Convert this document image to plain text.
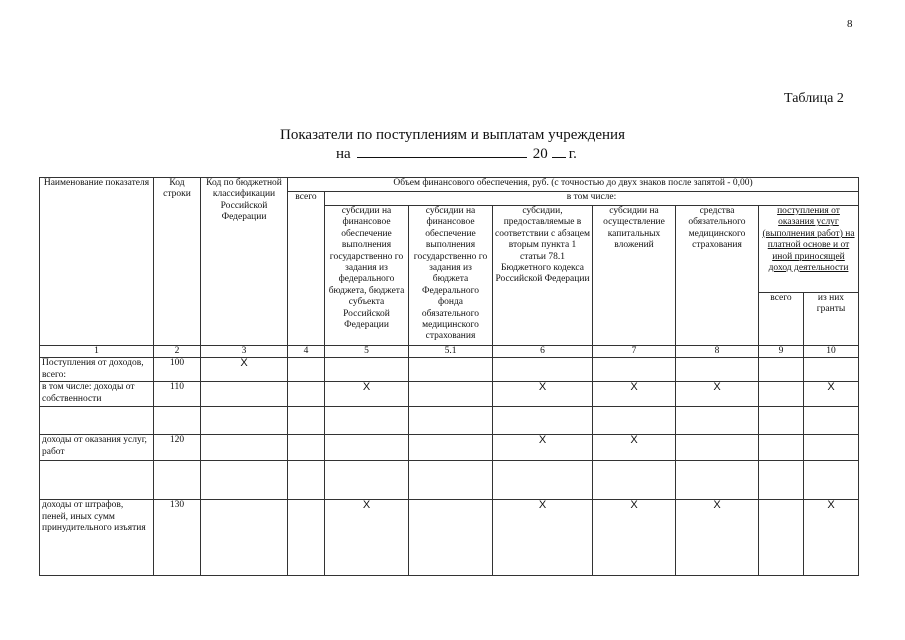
8
Таблица 2
Показатели по поступлениям и выплатам учреждения
на	20 г.
Наименование показателя	Код строки	Код по бюджетной классификации Российской Федерации	Объем финансового обеспечения, руб. (с точностью до двух знаков после запятой - 0,00)							
			всего	в том числе:						
				субсидии на финансовое обеспечение выполнения государственно го задания из федерального бюджета, бюджета субъекта Российской Федерации	субсидии на финансовое обеспечение выполнения государственно го задания из бюджета Федерального фонда обязательного медицинского страхования	субсидии, предоставляемые в соответствии с абзацем вторым пункта 1 статьи 78.1 Бюджетного кодекса Российской Федерации	субсидии на осуществление капитальных вложений	средства обязательного медицинского страхования	поступления от оказания услуг (выполнения работ) на платной основе и от иной приносящей доход деятельности	
									всего	из них гранты
1	2	3	4	5	5.1	6	7	8	9	10
Поступления от доходов, всего:	100	X								
в том числе: доходы от собственности	110			X		X	X	X		X

доходы от оказания услуг, работ	120					X	X			

доходы от штрафов, пеней, иных сумм принудительного изъятия	130			X		X	X	X		X
